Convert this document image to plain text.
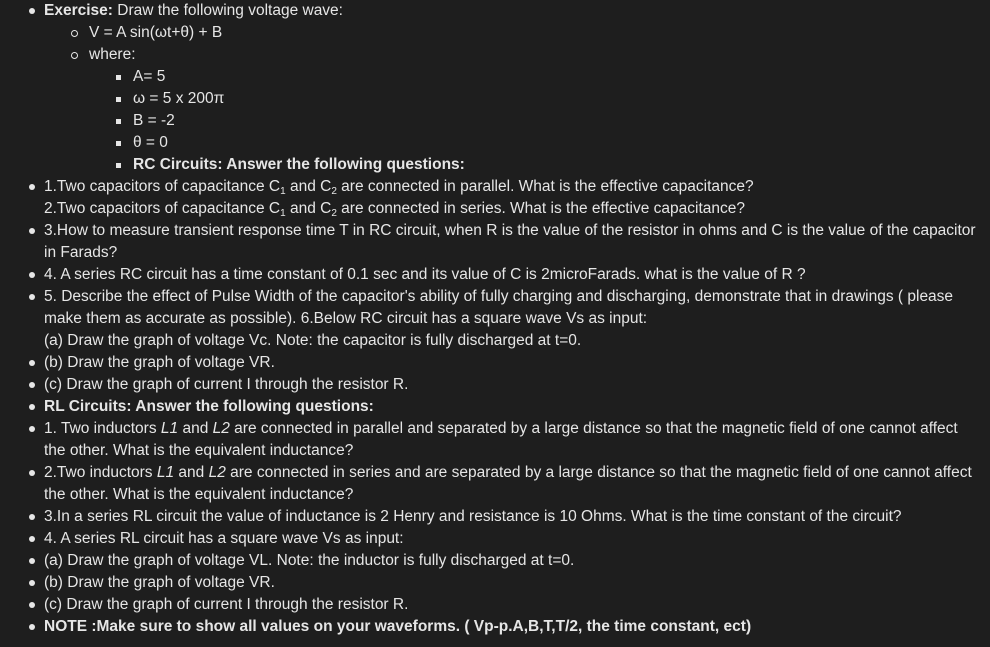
Exercise: Draw the following voltage wave:
V = A sin(ωt+θ) + B
where:
A= 5
ω = 5 x 200π
B = -2
θ = 0
RC Circuits: Answer the following questions:
1.Two capacitors of capacitance $C_1$ and $C_2$ are connected in parallel. What is the effective capacitance?
2.Two capacitors of capacitance $C_1$ and $C_2$ are connected in series. What is the effective capacitance?
3.How to measure transient response time T in RC circuit, when R is the value of the resistor in ohms and C is the value of the capacitor
in Farads?
4. A series RC circuit has a time constant of 0.1 sec and its value of C is 2microFarads. what is the value of R ?
5. Describe the effect of Pulse Width of the capacitor's ability of fully charging and discharging, demonstrate that in drawings ( please
make them as accurate as possible). 6.Below RC circuit has a square wave Vs as input:
(a) Draw the graph of voltage Vc. Note: the capacitor is fully discharged at t=0.
(b) Draw the graph of voltage VR.
(c) Draw the graph of current I through the resistor R.
RL Circuits: Answer the following questions:
1. Two inductors L1 and L2 are connected in parallel and separated by a large distance so that the magnetic field of one cannot affect
the other. What is the equivalent inductance?
2.Two inductors L1 and L2 are connected in series and are separated by a large distance so that the magnetic field of one cannot affect
the other. What is the equivalent inductance?
3.In a series RL circuit the value of inductance is 2 Henry and resistance is 10 Ohms. What is the time constant of the circuit?
4. A series RL circuit has a square wave Vs as input:
(a) Draw the graph of voltage VL. Note: the inductor is fully discharged at t=0.
(b) Draw the graph of voltage VR.
(c) Draw the graph of current I through the resistor R.
NOTE :Make sure to show all values on your waveforms. ( Vp-p.A,B,T,T/2, the time constant, ect)
